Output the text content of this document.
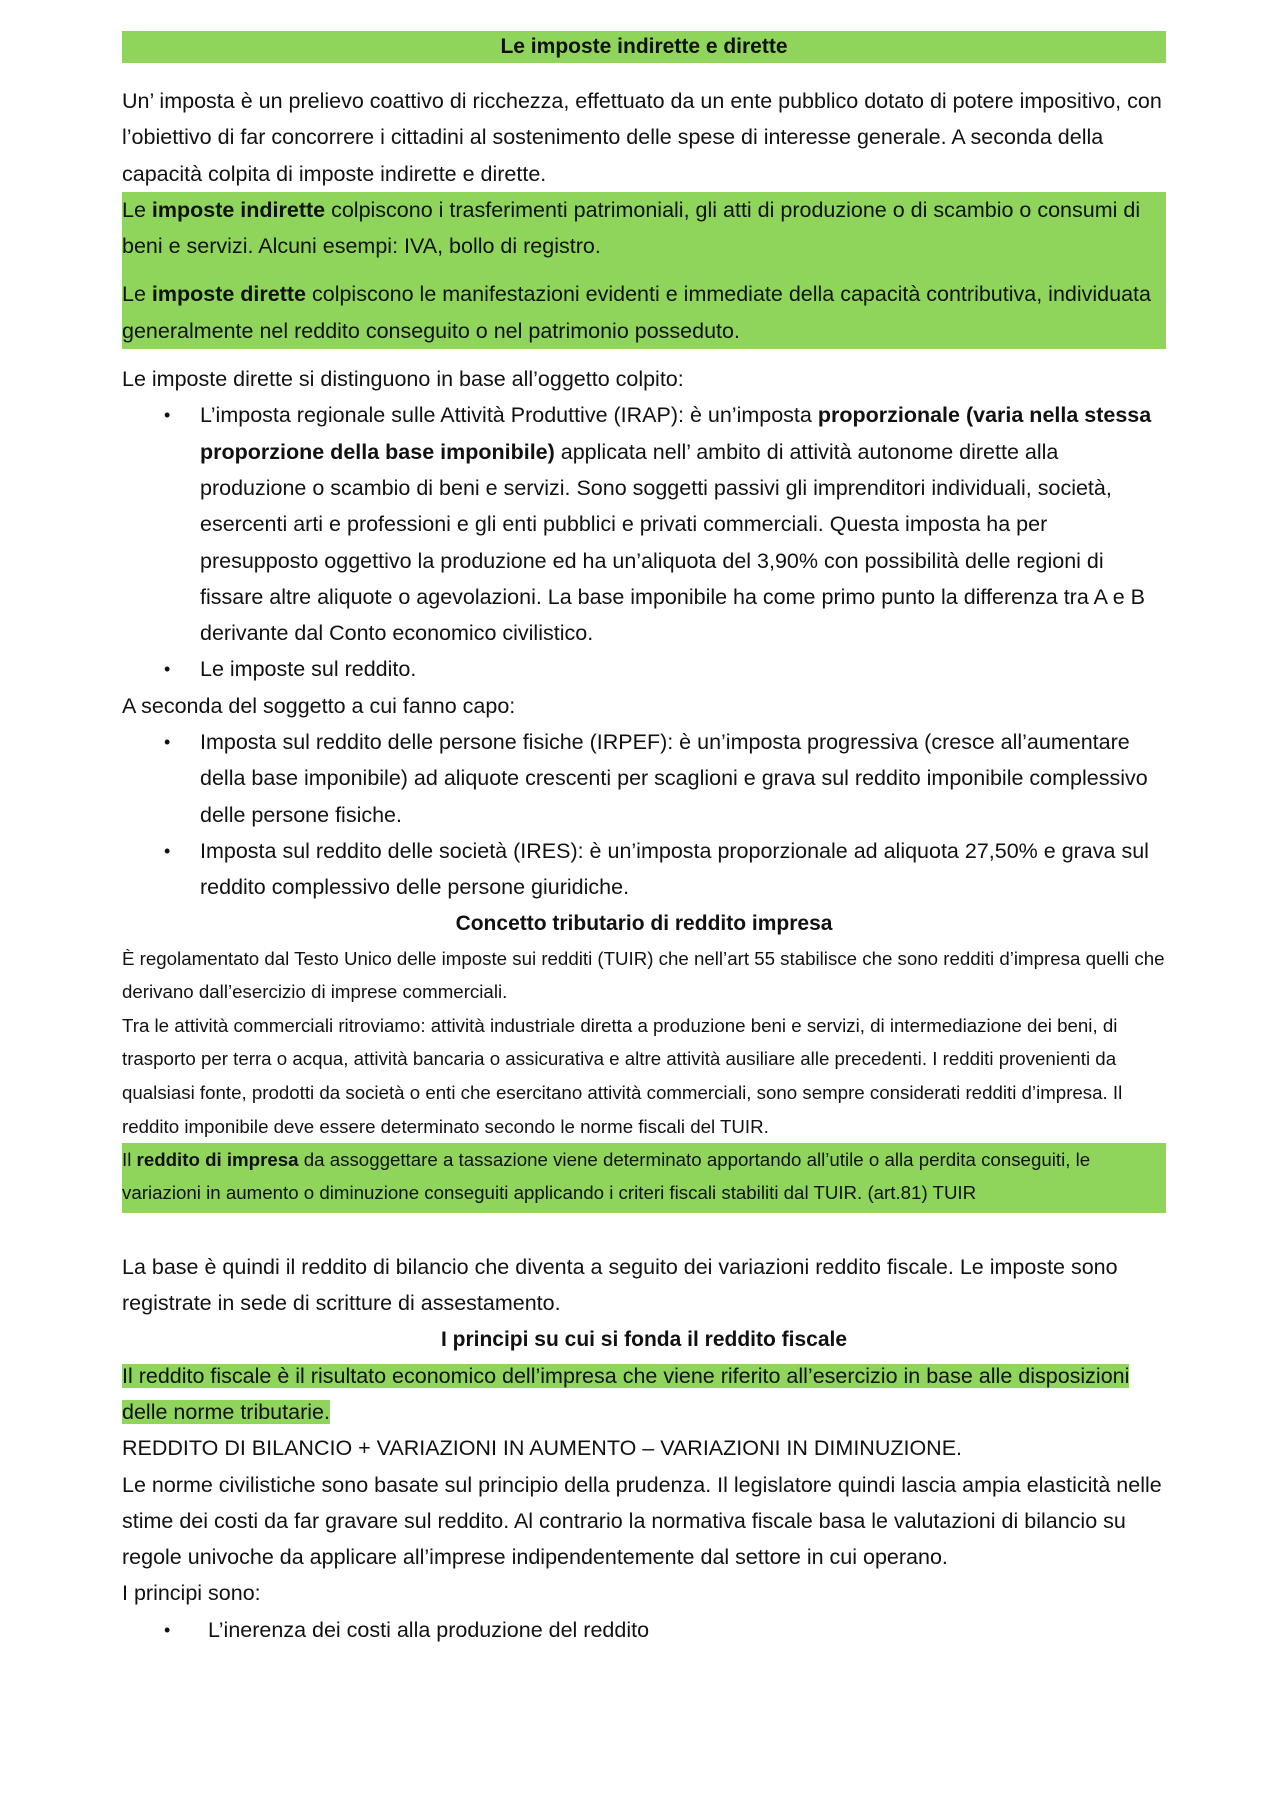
Le imposte indirette e dirette

Un’ imposta è un prelievo coattivo di ricchezza, effettuato da un ente pubblico dotato di potere impositivo, con l’obiettivo di far concorrere i cittadini al sostenimento delle spese di interesse generale. A seconda della capacità colpita di imposte indirette e dirette.

Le imposte indirette colpiscono i trasferimenti patrimoniali, gli atti di produzione o di scambio o consumi di beni e servizi. Alcuni esempi: IVA, bollo di registro.

Le imposte dirette colpiscono le manifestazioni evidenti e immediate della capacità contributiva, individuata generalmente nel reddito conseguito o nel patrimonio posseduto.

Le imposte dirette si distinguono in base all’oggetto colpito:

• L’imposta regionale sulle Attività Produttive (IRAP): è un’imposta proporzionale (varia nella stessa proporzione della base imponibile) applicata nell’ ambito di attività autonome dirette alla produzione o scambio di beni e servizi. Sono soggetti passivi gli imprenditori individuali, società, esercenti arti e professioni e gli enti pubblici e privati commerciali. Questa imposta ha per presupposto oggettivo la produzione ed ha un’aliquota del 3,90% con possibilità delle regioni di fissare altre aliquote o agevolazioni. La base imponibile ha come primo punto la differenza tra A e B derivante dal Conto economico civilistico.
• Le imposte sul reddito.

A seconda del soggetto a cui fanno capo:

• Imposta sul reddito delle persone fisiche (IRPEF): è un’imposta progressiva (cresce all’aumentare della base imponibile) ad aliquote crescenti per scaglioni e grava sul reddito imponibile complessivo delle persone fisiche.
• Imposta sul reddito delle società (IRES): è un’imposta proporzionale ad aliquota 27,50% e grava sul reddito complessivo delle persone giuridiche.
Concetto tributario di reddito impresa

È regolamentato dal Testo Unico delle imposte sui redditi (TUIR) che nell’art 55 stabilisce che sono redditi d’impresa quelli che derivano dall’esercizio di imprese commerciali.

Tra le attività commerciali ritroviamo: attività industriale diretta a produzione beni e servizi, di intermediazione dei beni, di trasporto per terra o acqua, attività bancaria o assicurativa e altre attività ausiliare alle precedenti. I redditi provenienti da qualsiasi fonte, prodotti da società o enti che esercitano attività commerciali, sono sempre considerati redditi d’impresa. Il reddito imponibile deve essere determinato secondo le norme fiscali del TUIR.

Il reddito di impresa da assoggettare a tassazione viene determinato apportando all’utile o alla perdita conseguiti, le variazioni in aumento o diminuzione conseguiti applicando i criteri fiscali stabiliti dal TUIR. (art.81) TUIR

La base è quindi il reddito di bilancio che diventa a seguito dei variazioni reddito fiscale. Le imposte sono registrate in sede di scritture di assestamento.

I principi su cui si fonda il reddito fiscale

Il reddito fiscale è il risultato economico dell’impresa che viene riferito all’esercizio in base alle disposizioni delle norme tributarie.

REDDITO DI BILANCIO + VARIAZIONI IN AUMENTO – VARIAZIONI IN DIMINUZIONE.

Le norme civilistiche sono basate sul principio della prudenza. Il legislatore quindi lascia ampia elasticità nelle stime dei costi da far gravare sul reddito. Al contrario la normativa fiscale basa le valutazioni di bilancio su regole univoche da applicare all’imprese indipendentemente dal settore in cui operano.

I principi sono:

• L’inerenza dei costi alla produzione del reddito
